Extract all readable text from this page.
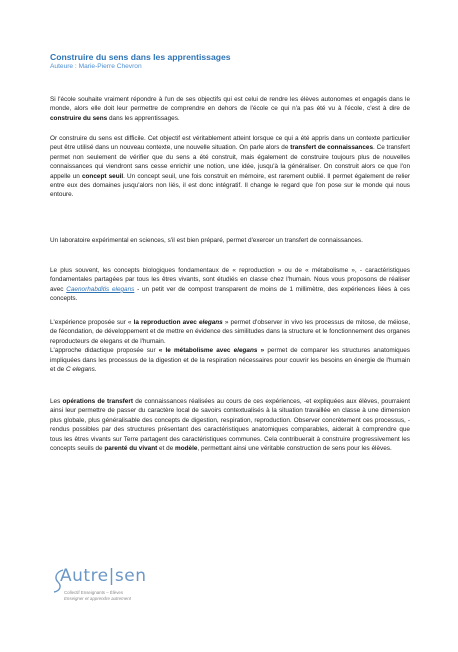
Construire du sens dans les apprentissages
Auteure : Marie-Pierre Chevron

Si l'école souhaite vraiment répondre à l'un de ses objectifs qui est celui de rendre les élèves autonomes et engagés dans le monde, alors elle doit leur permettre de comprendre en dehors de l'école ce qui n'a pas été vu à l'école, c'est à dire de construire du sens dans les apprentissages.

Or construire du sens est difficile. Cet objectif est véritablement atteint lorsque ce qui a été appris dans un contexte particulier peut être utilisé dans un nouveau contexte, une nouvelle situation. On parle alors de transfert de connaissances. Ce transfert permet non seulement de vérifier que du sens a été construit, mais également de construire toujours plus de nouvelles connaissances qui viendront sans cesse enrichir une notion, une idée, jusqu'à la généraliser. On construit alors ce que l'on appelle un concept seuil. Un concept seuil, une fois construit en mémoire, est rarement oublié. Il permet également de relier entre eux des domaines jusqu'alors non liés, il est donc intégratif. Il change le regard que l'on pose sur le monde qui nous entoure.

Un laboratoire expérimental en sciences, s'il est bien préparé, permet d'exercer un transfert de connaissances.

Le plus souvent, les concepts biologiques fondamentaux de « reproduction » ou de « métabolisme », - caractéristiques fondamentales partagées par tous les êtres vivants, sont étudiés en classe chez l'humain. Nous vous proposons de réaliser avec Caenorhabditis elegans - un petit ver de compost transparent de moins de 1 millimètre, des expériences liées à ces concepts.

L'expérience proposée sur « la reproduction avec elegans » permet d'observer in vivo les processus de mitose, de méiose, de fécondation, de développement et de mettre en évidence des similitudes dans la structure et le fonctionnement des organes reproducteurs de elegans et de l'humain.
L'approche didactique proposée sur « le métabolisme avec elegans » permet de comparer les structures anatomiques impliquées dans les processus de la digestion et de la respiration nécessaires pour couvrir les besoins en énergie de l'humain et de C elegans.

Les opérations de transfert de connaissances réalisées au cours de ces expériences, -et expliquées aux élèves, pourraient ainsi leur permettre de passer du caractère local de savoirs contextualisés à la situation travaillée en classe à une dimension plus globale, plus généralisable des concepts de digestion, respiration, reproduction. Observer concrètement ces processus, -rendus possibles par des structures présentant des caractéristiques anatomiques comparables, aiderait à comprendre que tous les êtres vivants sur Terre partagent des caractéristiques communes. Cela contribuerait à construire progressivement les concepts seuils de parenté du vivant et de modèle, permettant ainsi une véritable construction de sens pour les élèves.

Autre|sen
Collectif Enseignants – Élèves
Enseigner et apprendre autrement
